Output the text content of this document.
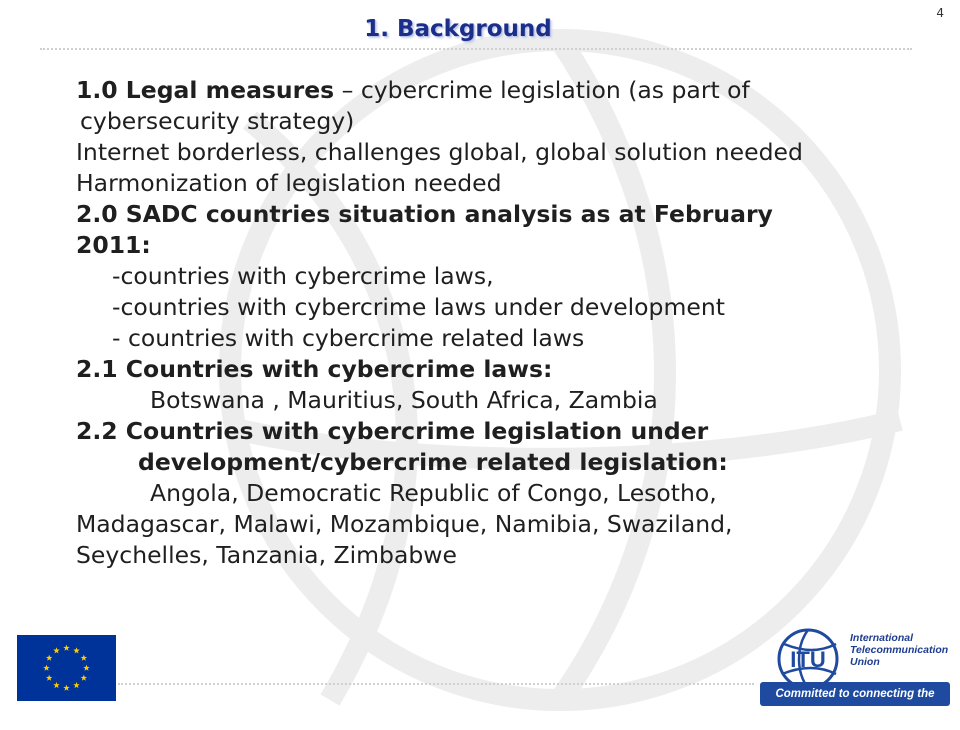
1. Background
4
1.0 Legal measures – cybercrime legislation (as part of
cybersecurity strategy)
Internet borderless, challenges global, global solution needed
Harmonization of legislation needed
2.0 SADC countries situation analysis as at February
2011:
-countries with cybercrime laws,
-countries with cybercrime laws under development
- countries with cybercrime related laws
2.1 Countries with cybercrime laws:
Botswana , Mauritius, South Africa, Zambia
2.2 Countries with cybercrime legislation under
development/cybercrime related legislation:
Angola, Democratic Republic of Congo, Lesotho,
Madagascar, Malawi, Mozambique, Namibia, Swaziland,
Seychelles, Tanzania, Zimbabwe
ITU
International
Telecommunication
Union
Committed to connecting the world
